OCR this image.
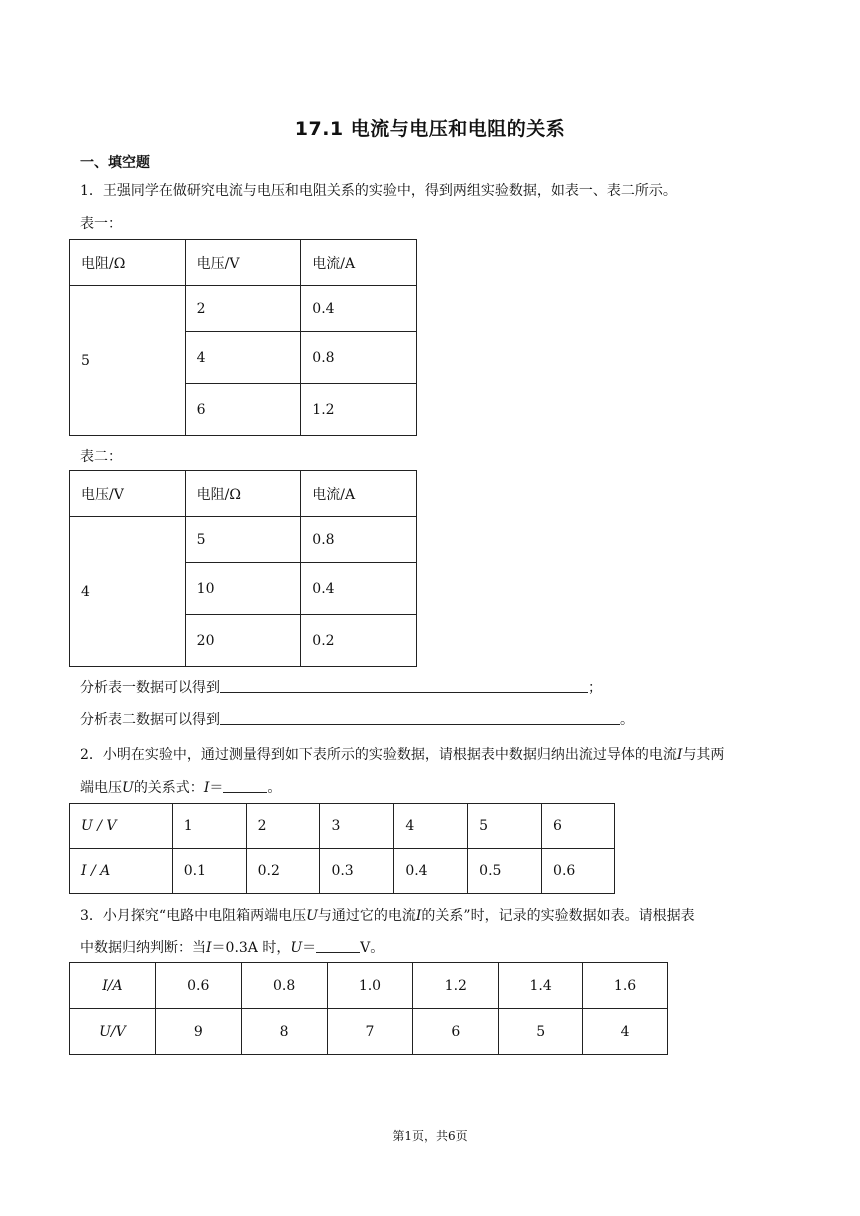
17.1 电流与电压和电阻的关系
一、填空题
1．王强同学在做研究电流与电压和电阻关系的实验中，得到两组实验数据，如表一、表二所示。
表一：
电阻/Ω	电压/V	电流/A
5	2	0.4
	4	0.8
	6	1.2
表二：
电压/V	电阻/Ω	电流/A
4	5	0.8
	10	0.4
	20	0.2
分析表一数据可以得到	；
分析表二数据可以得到	。
2．小明在实验中，通过测量得到如下表所示的实验数据，请根据表中数据归纳出流过导体的电流I与其两
端电压U的关系式：I＝	。
U / V	1	2	3	4	5	6
I / A	0.1	0.2	0.3	0.4	0.5	0.6
3．小月探究“电路中电阻箱两端电压U与通过它的电流I的关系”时，记录的实验数据如表。请根据表
中数据归纳判断：当I＝0.3A 时，U＝	V。
I/A	0.6	0.8	1.0	1.2	1.4	1.6
U/V	9	8	7	6	5	4
第1页，共6页
